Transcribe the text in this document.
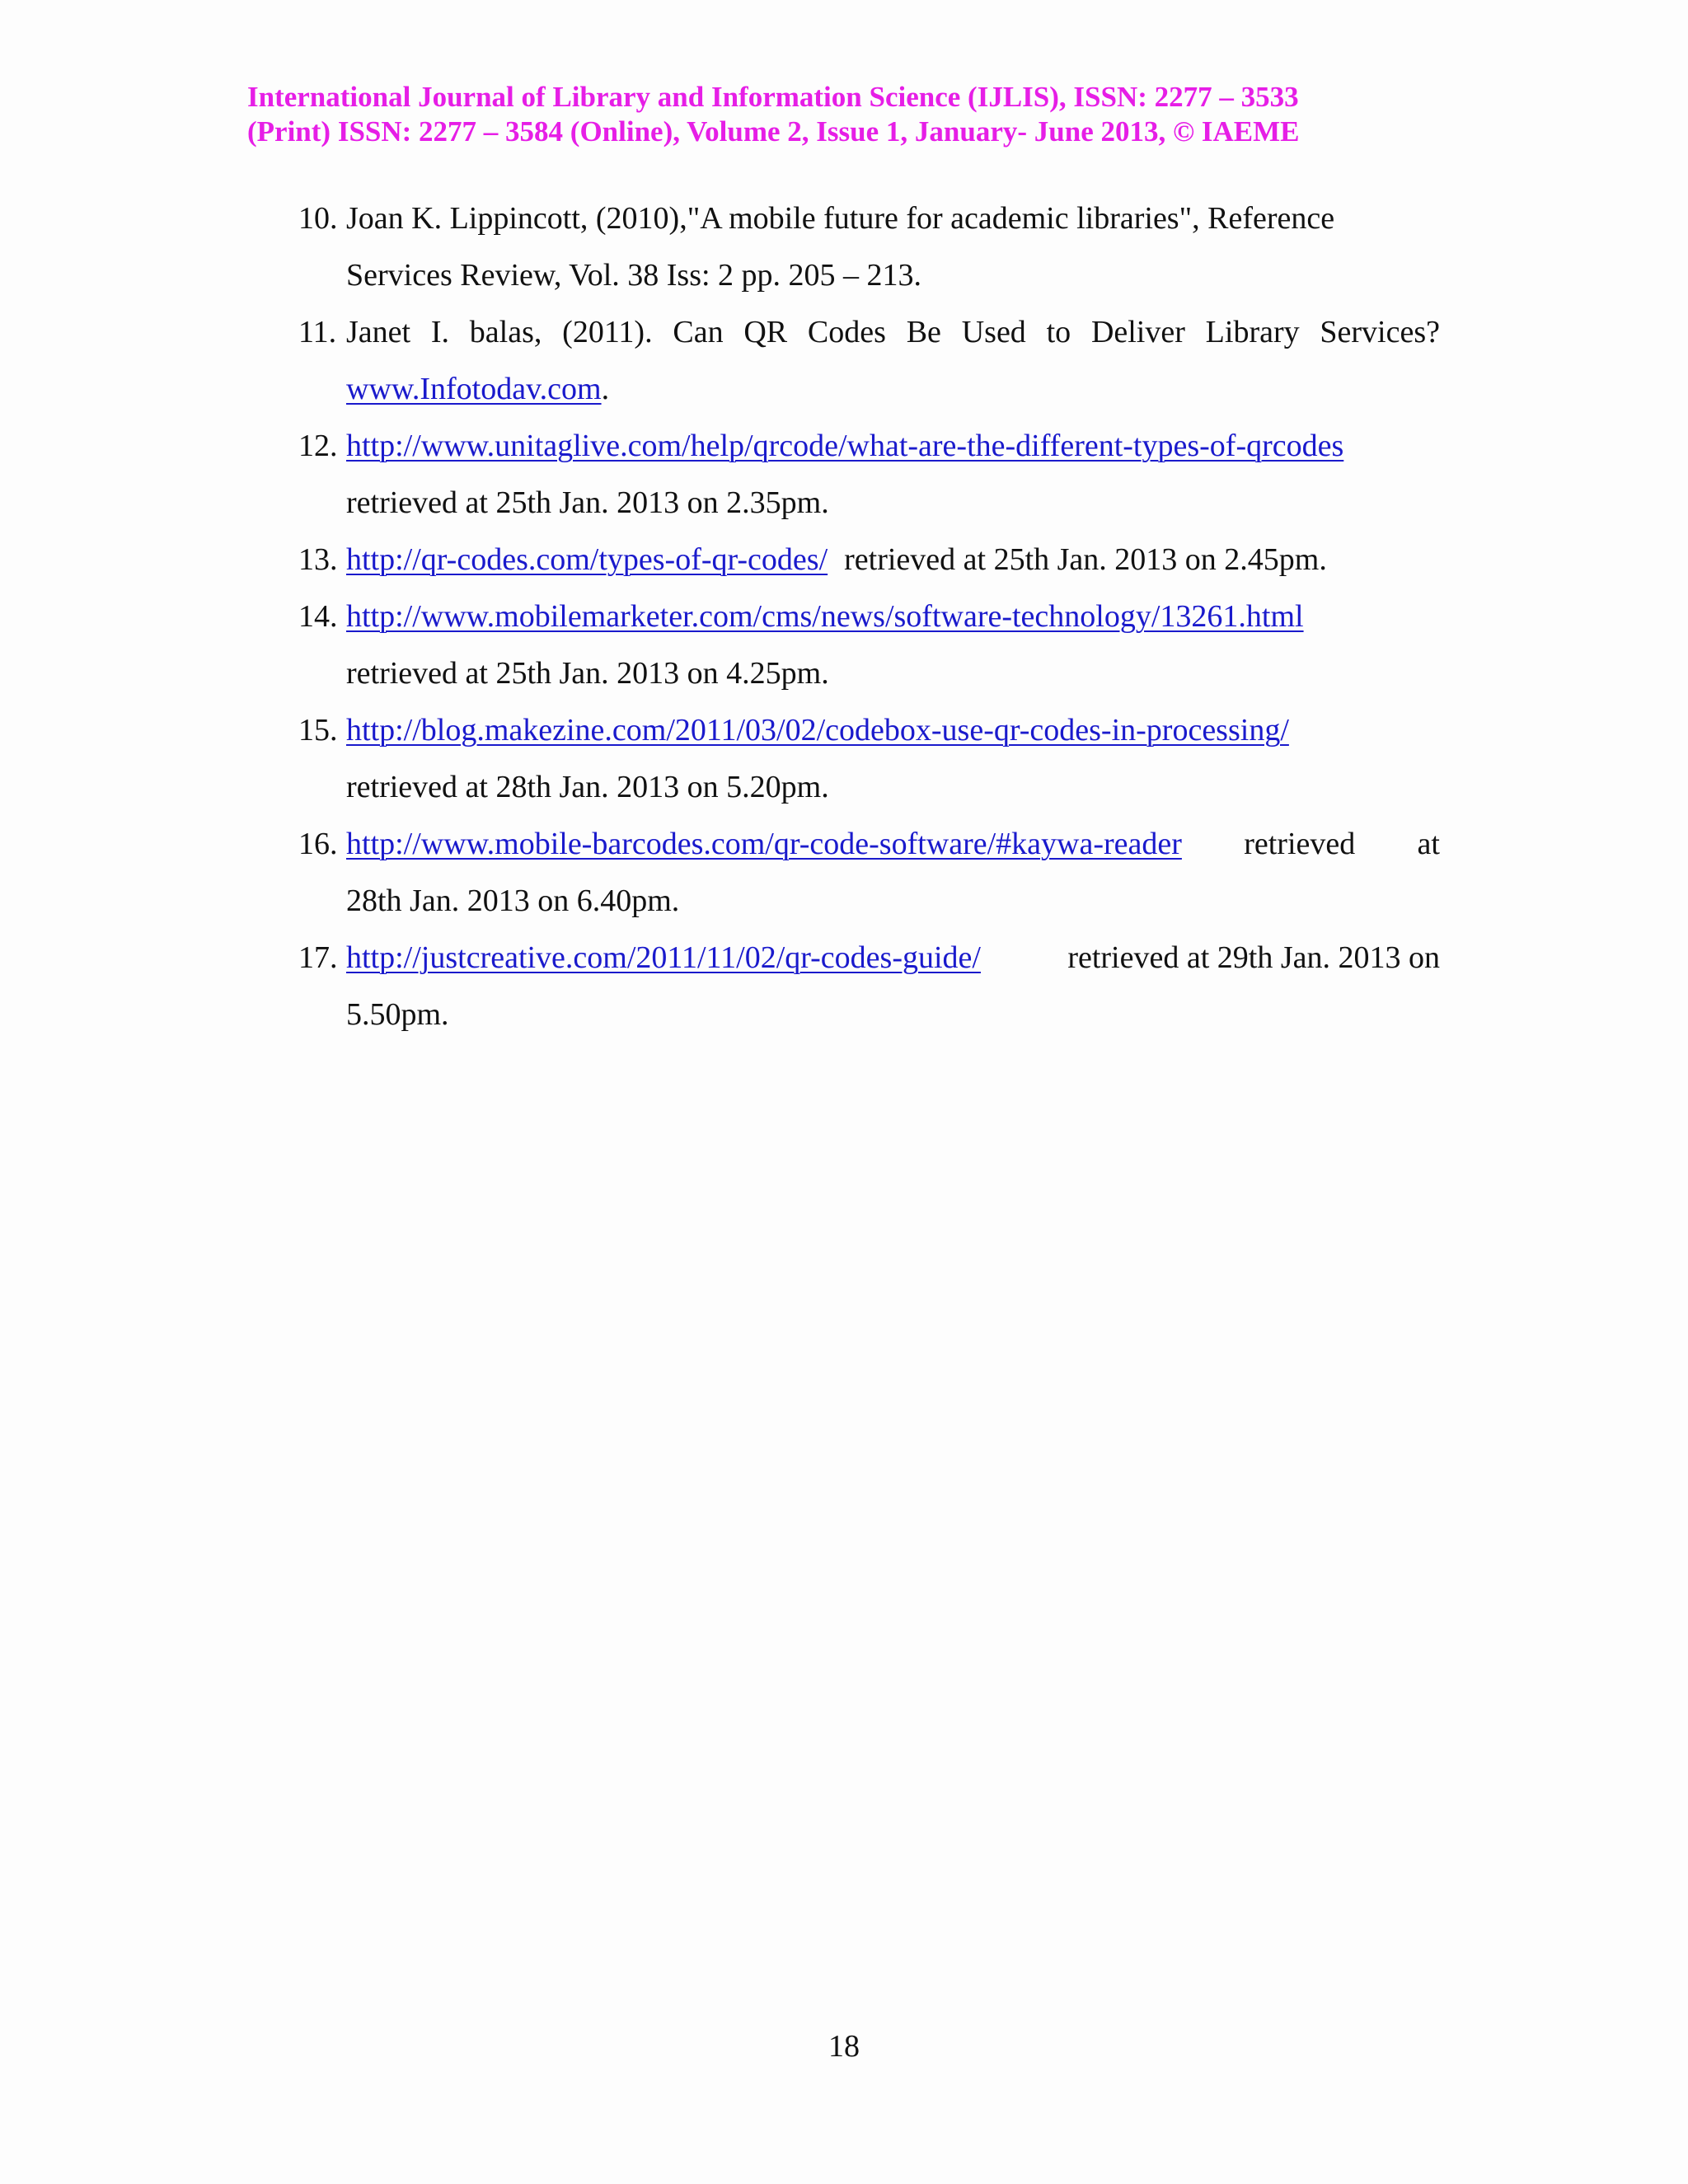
International Journal of Library and Information Science (IJLIS), ISSN: 2277 – 3533
(Print) ISSN: 2277 – 3584 (Online), Volume 2, Issue 1, January- June 2013, © IAEME
10. Joan K. Lippincott, (2010),"A mobile future for academic libraries", Reference
Services Review, Vol. 38 Iss: 2 pp. 205 – 213.
11. Janet I. balas, (2011). Can QR Codes Be Used to Deliver Library Services?
www.Infotodav.com.
12. http://www.unitaglive.com/help/qrcode/what-are-the-different-types-of-qrcodes
retrieved at 25th Jan. 2013 on 2.35pm.
13. http://qr-codes.com/types-of-qr-codes/ retrieved at 25th Jan. 2013 on 2.45pm.
14. http://www.mobilemarketer.com/cms/news/software-technology/13261.html
retrieved at 25th Jan. 2013 on 4.25pm.
15. http://blog.makezine.com/2011/03/02/codebox-use-qr-codes-in-processing/
retrieved at 28th Jan. 2013 on 5.20pm.
16. http://www.mobile-barcodes.com/qr-code-software/#kaywa-reader retrieved at
28th Jan. 2013 on 6.40pm.
17. http://justcreative.com/2011/11/02/qr-codes-guide/	retrieved at 29th Jan. 2013 on
5.50pm.
18
